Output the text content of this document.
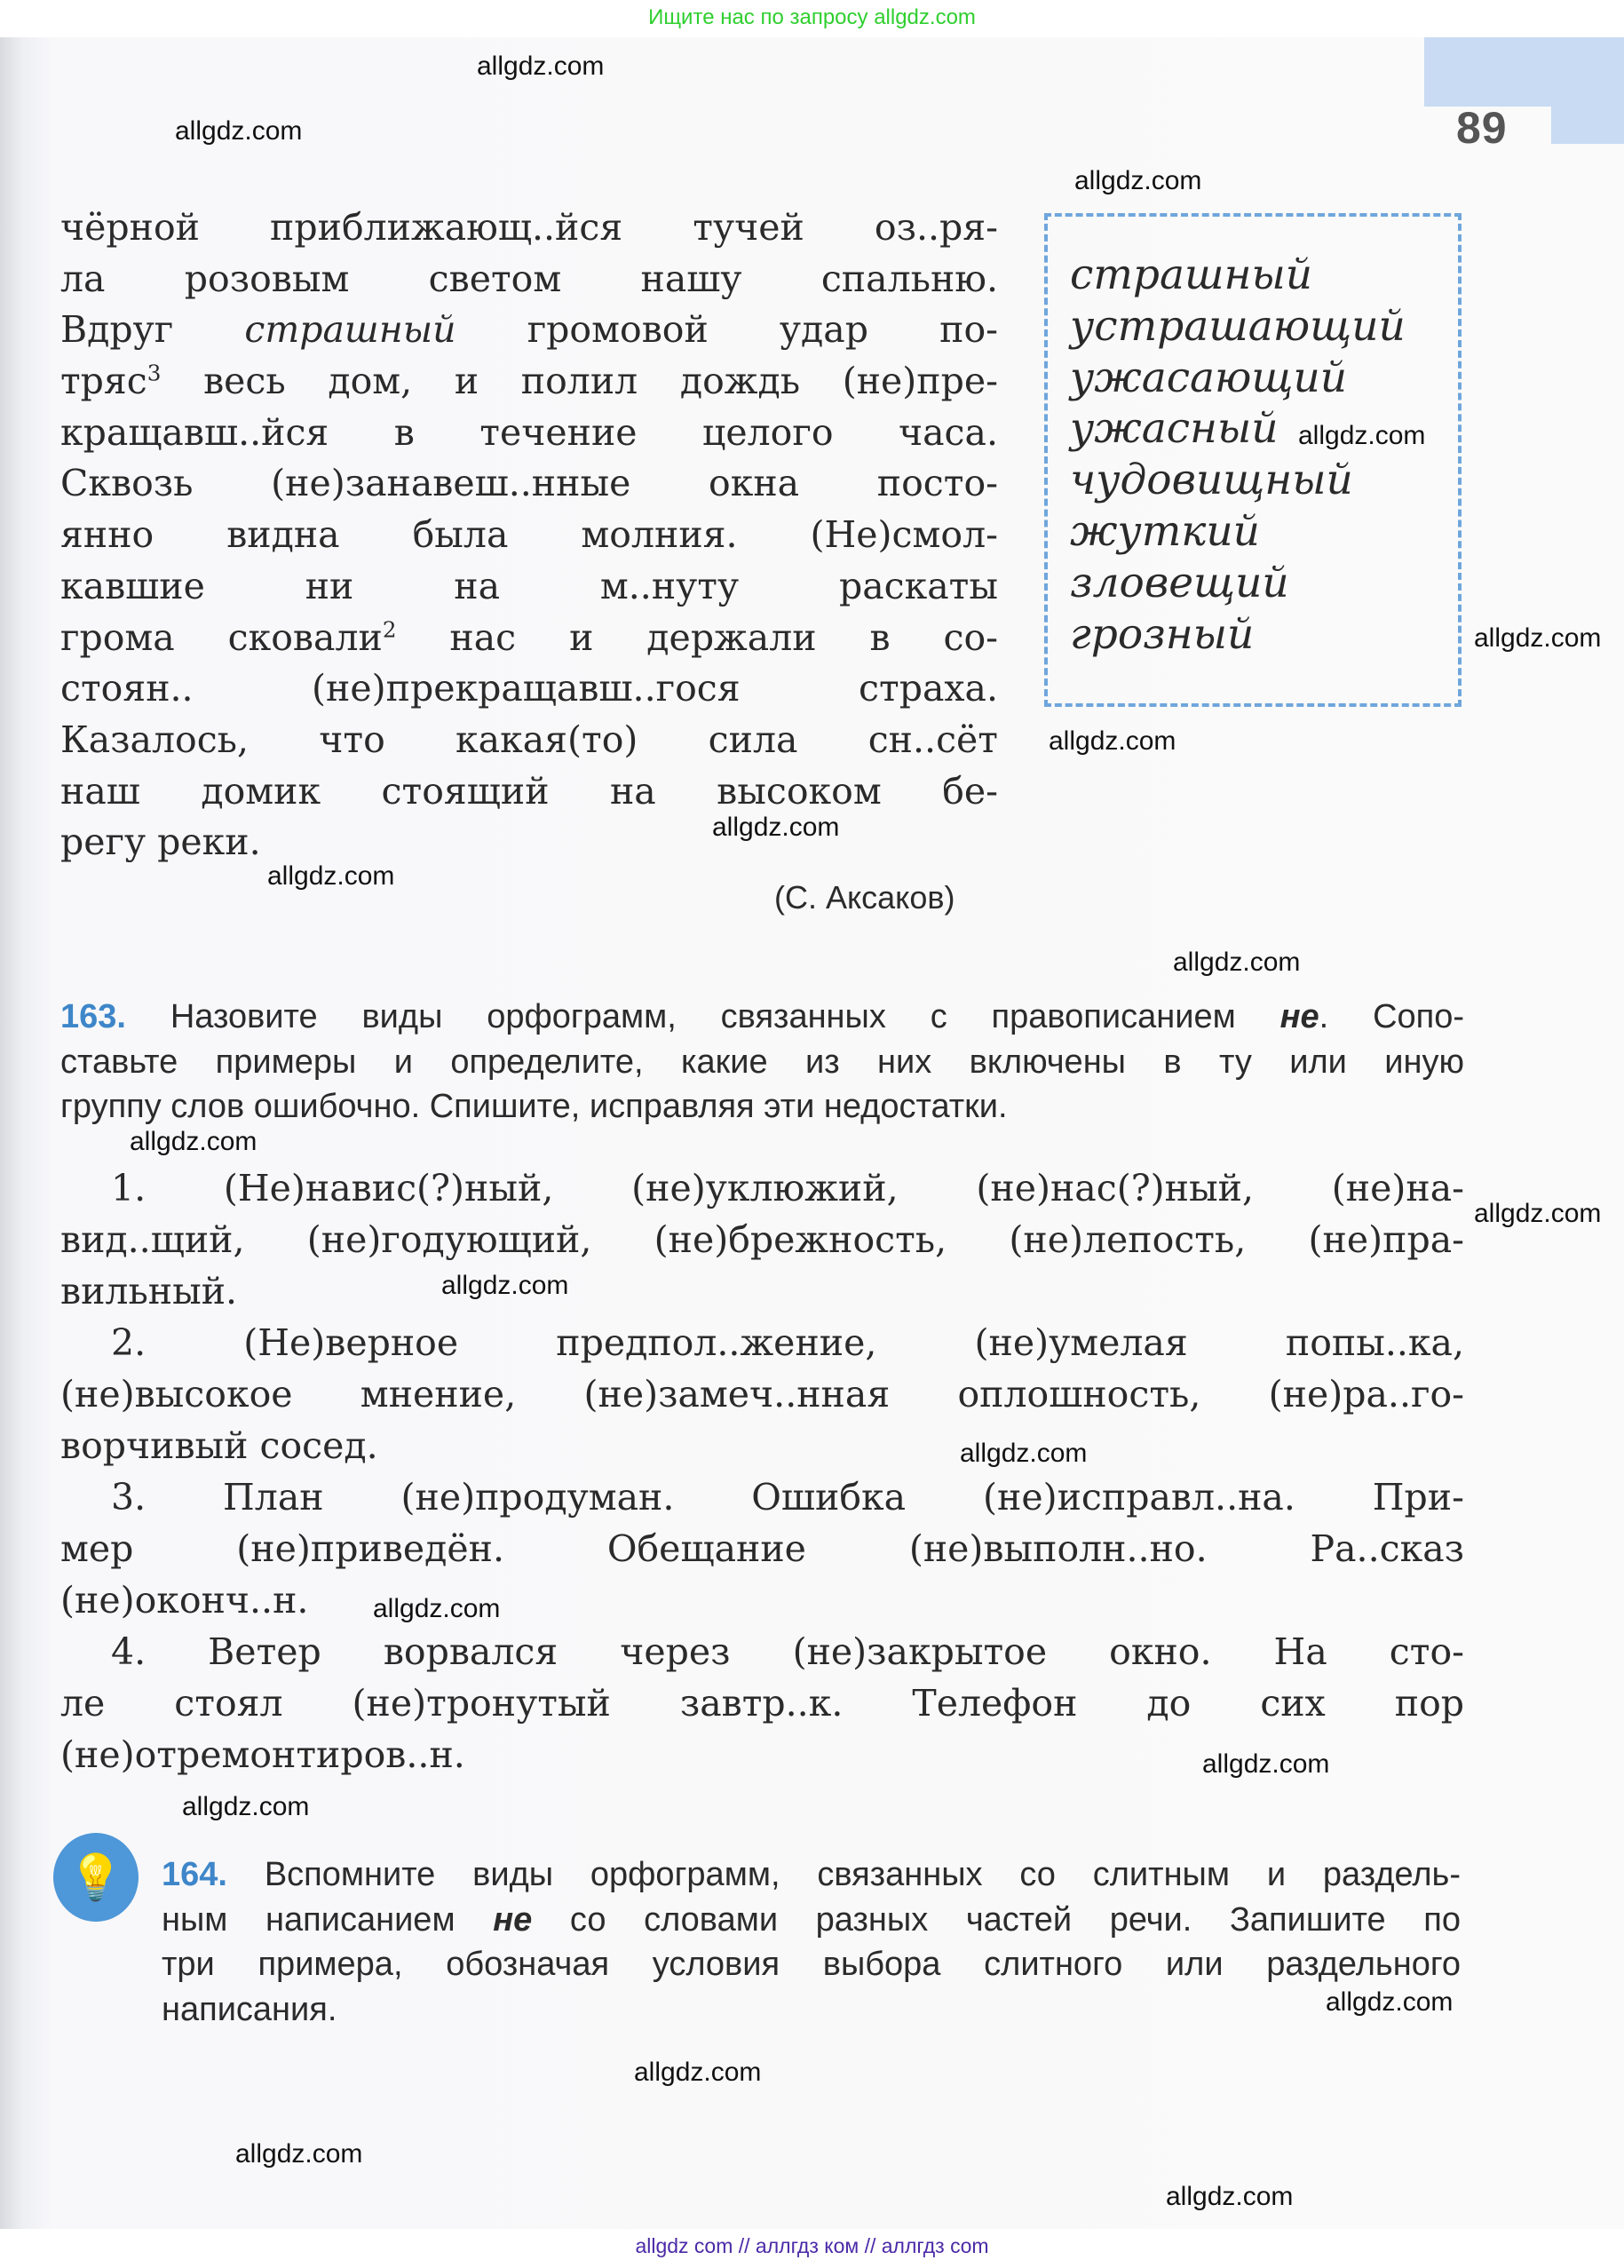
Ищите нас по запросу allgdz.com
89
чёрной приближающ..йся тучей оз..ря-
ла розовым светом нашу спальню.
Вдруг страшный громовой удар по-
тряс$^3$ весь дом, и полил дождь (не)пре-
кращавш..йся в течение целого часа.
Сквозь (не)занавеш..нные окна посто-
янно видна была молния. (Не)смол-
кавшие ни на м..нуту раскаты
грома сковали$^2$ нас и держали в со-
стоян.. (не)прекращавш..гося страха.
Казалось, что какая(то) сила сн..сёт
наш домик стоящий на высоком бе-
регу реки.
(С. Аксаков)
страшный
устрашающий
ужасающий
ужасный
чудовищный
жуткий
зловещий
грозный
163. Назовите виды орфограмм, связанных с правописанием не. Сопо-
ставьте примеры и определите, какие из них включены в ту или иную
группу слов ошибочно. Спишите, исправляя эти недостатки.
1. (Не)навис(?)ный, (не)уклюжий, (не)нас(?)ный, (не)на-
вид..щий, (не)годующий, (не)брежность, (не)лепость, (не)пра-
вильный.
2. (Не)верное предпол..жение, (не)умелая попы..ка,
(не)высокое мнение, (не)замеч..нная оплошность, (не)ра..го-
ворчивый сосед.
3. План (не)продуман. Ошибка (не)исправл..на. При-
мер (не)приведён. Обещание (не)выполн..но. Ра..сказ
(не)оконч..н.
4. Ветер ворвался через (не)закрытое окно. На сто-
ле стоял (не)тронутый завтр..к. Телефон до сих пор
(не)отремонтиров..н.
💡	164. Вспомните виды орфограмм, связанных со слитным и раздель-
ным написанием не со словами разных частей речи. Запишите по
три примера, обозначая условия выбора слитного или раздельного
написания.
allgdz.com
allgdz.com
allgdz.com
allgdz.com
allgdz.com
allgdz.com
allgdz.com
allgdz.com
allgdz.com
allgdz.com
allgdz.com
allgdz.com
allgdz.com
allgdz.com
allgdz.com
allgdz.com
allgdz.com
allgdz.com
allgdz.com
allgdz.com
allgdz com // аллгдз ком // аллгдз com
